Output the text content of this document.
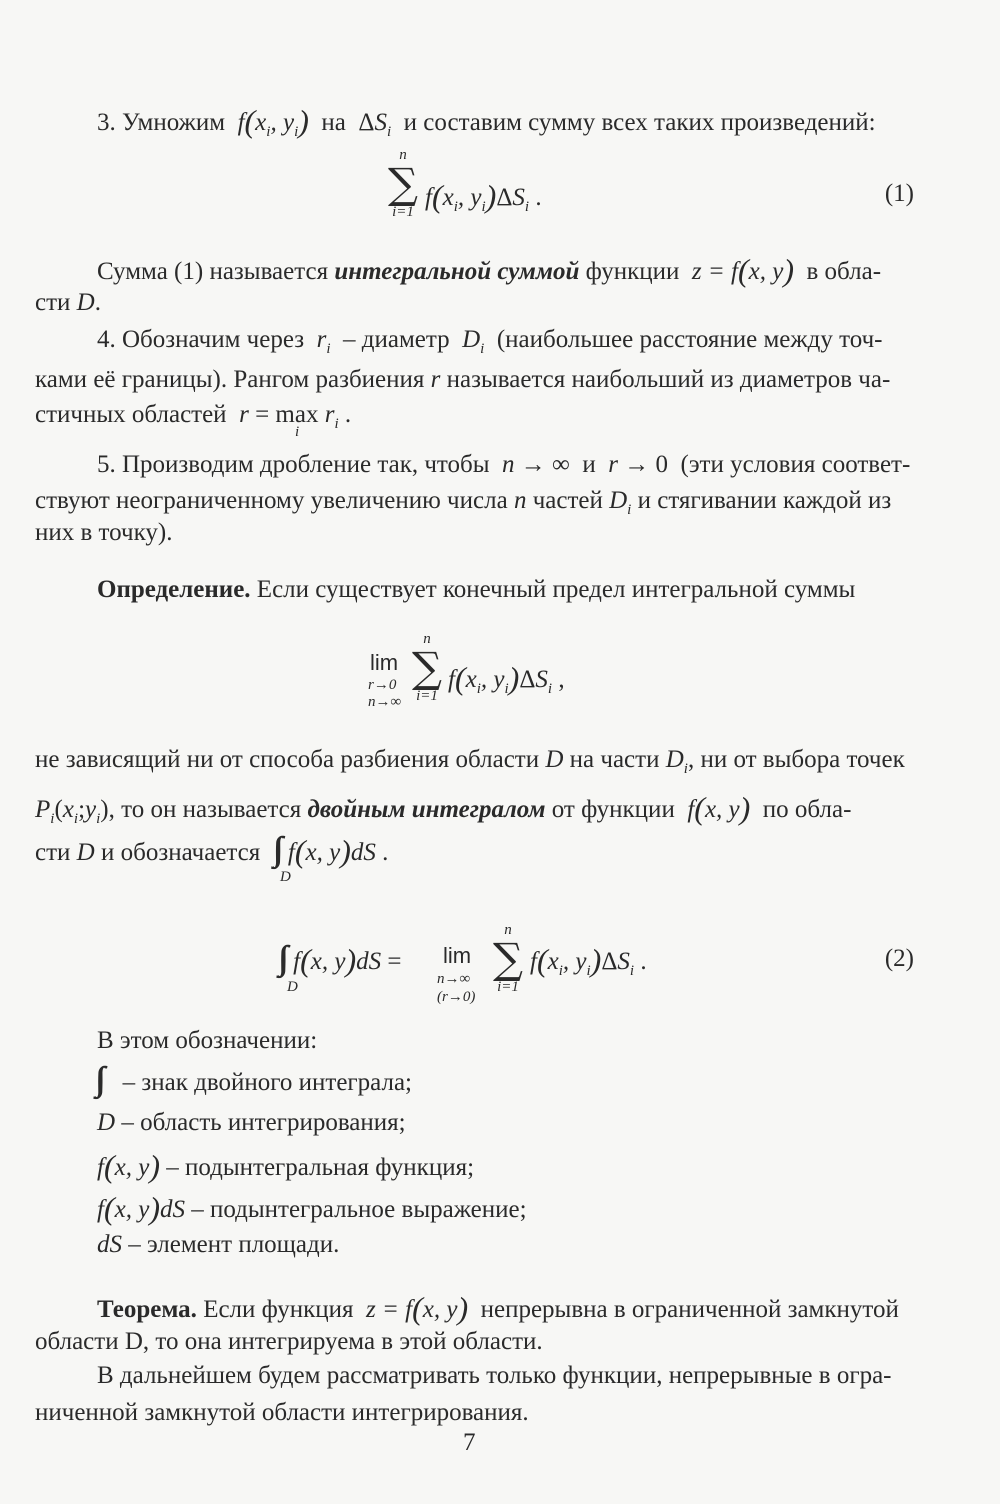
3. Умножим $f(x_i$, $y_i$) на $\Delta S_i$ и составим сумму всех таких произведений:
n
∑
i=1
$f(x_i$, $y_i)\Delta S_i$ .	(1)
Сумма (1) называется интегральной суммой функции z = f(x, y) в обла-
сти D.
4. Обозначим через $r_i$ – диаметр $D_i$ (наибольшее расстояние между точ-
ками её границы). Рангом разбиения r называется наибольший из диаметров ча-
стичных областей $r = \max r_i$ .
i
5. Производим дробление так, чтобы n → ∞  и r → 0  (эти условия соответ-
ствуют неограниченному увеличению числа n частей $D_i$ и стягивании каждой из
них в точку).
Определение. Если существует конечный предел интегральной суммы
lim
r→0
n→∞
n
∑
i=1
$f(x_i$, $y_i)\Delta S_i$ ,
не зависящий ни от способа разбиения области D на части $D_i$, ни от выбора точек
$P_i(x_i;y_i)$, то он называется двойным интегралом от функции f(x, y) по обла-
сти D и обозначается ∫∫  f(x, y)dS .
D
∫∫  f(x, y)dS =
D
lim
n→∞
(r→0)
n
∑
i=1
$f(x_i$, $y_i)\Delta S_i$ .	(2)
В этом обозначении:
∫∫ – знак двойного интеграла;
D – область интегрирования;
f(x, y) – подынтегральная функция;
f(x, y)dS – подынтегральное выражение;
dS – элемент площади.
Теорема. Если функция z = f(x, y) непрерывна в ограниченной замкнутой
области D, то она интегрируема в этой области.
В дальнейшем будем рассматривать только функции, непрерывные в огра-
ниченной замкнутой области интегрирования.
7
